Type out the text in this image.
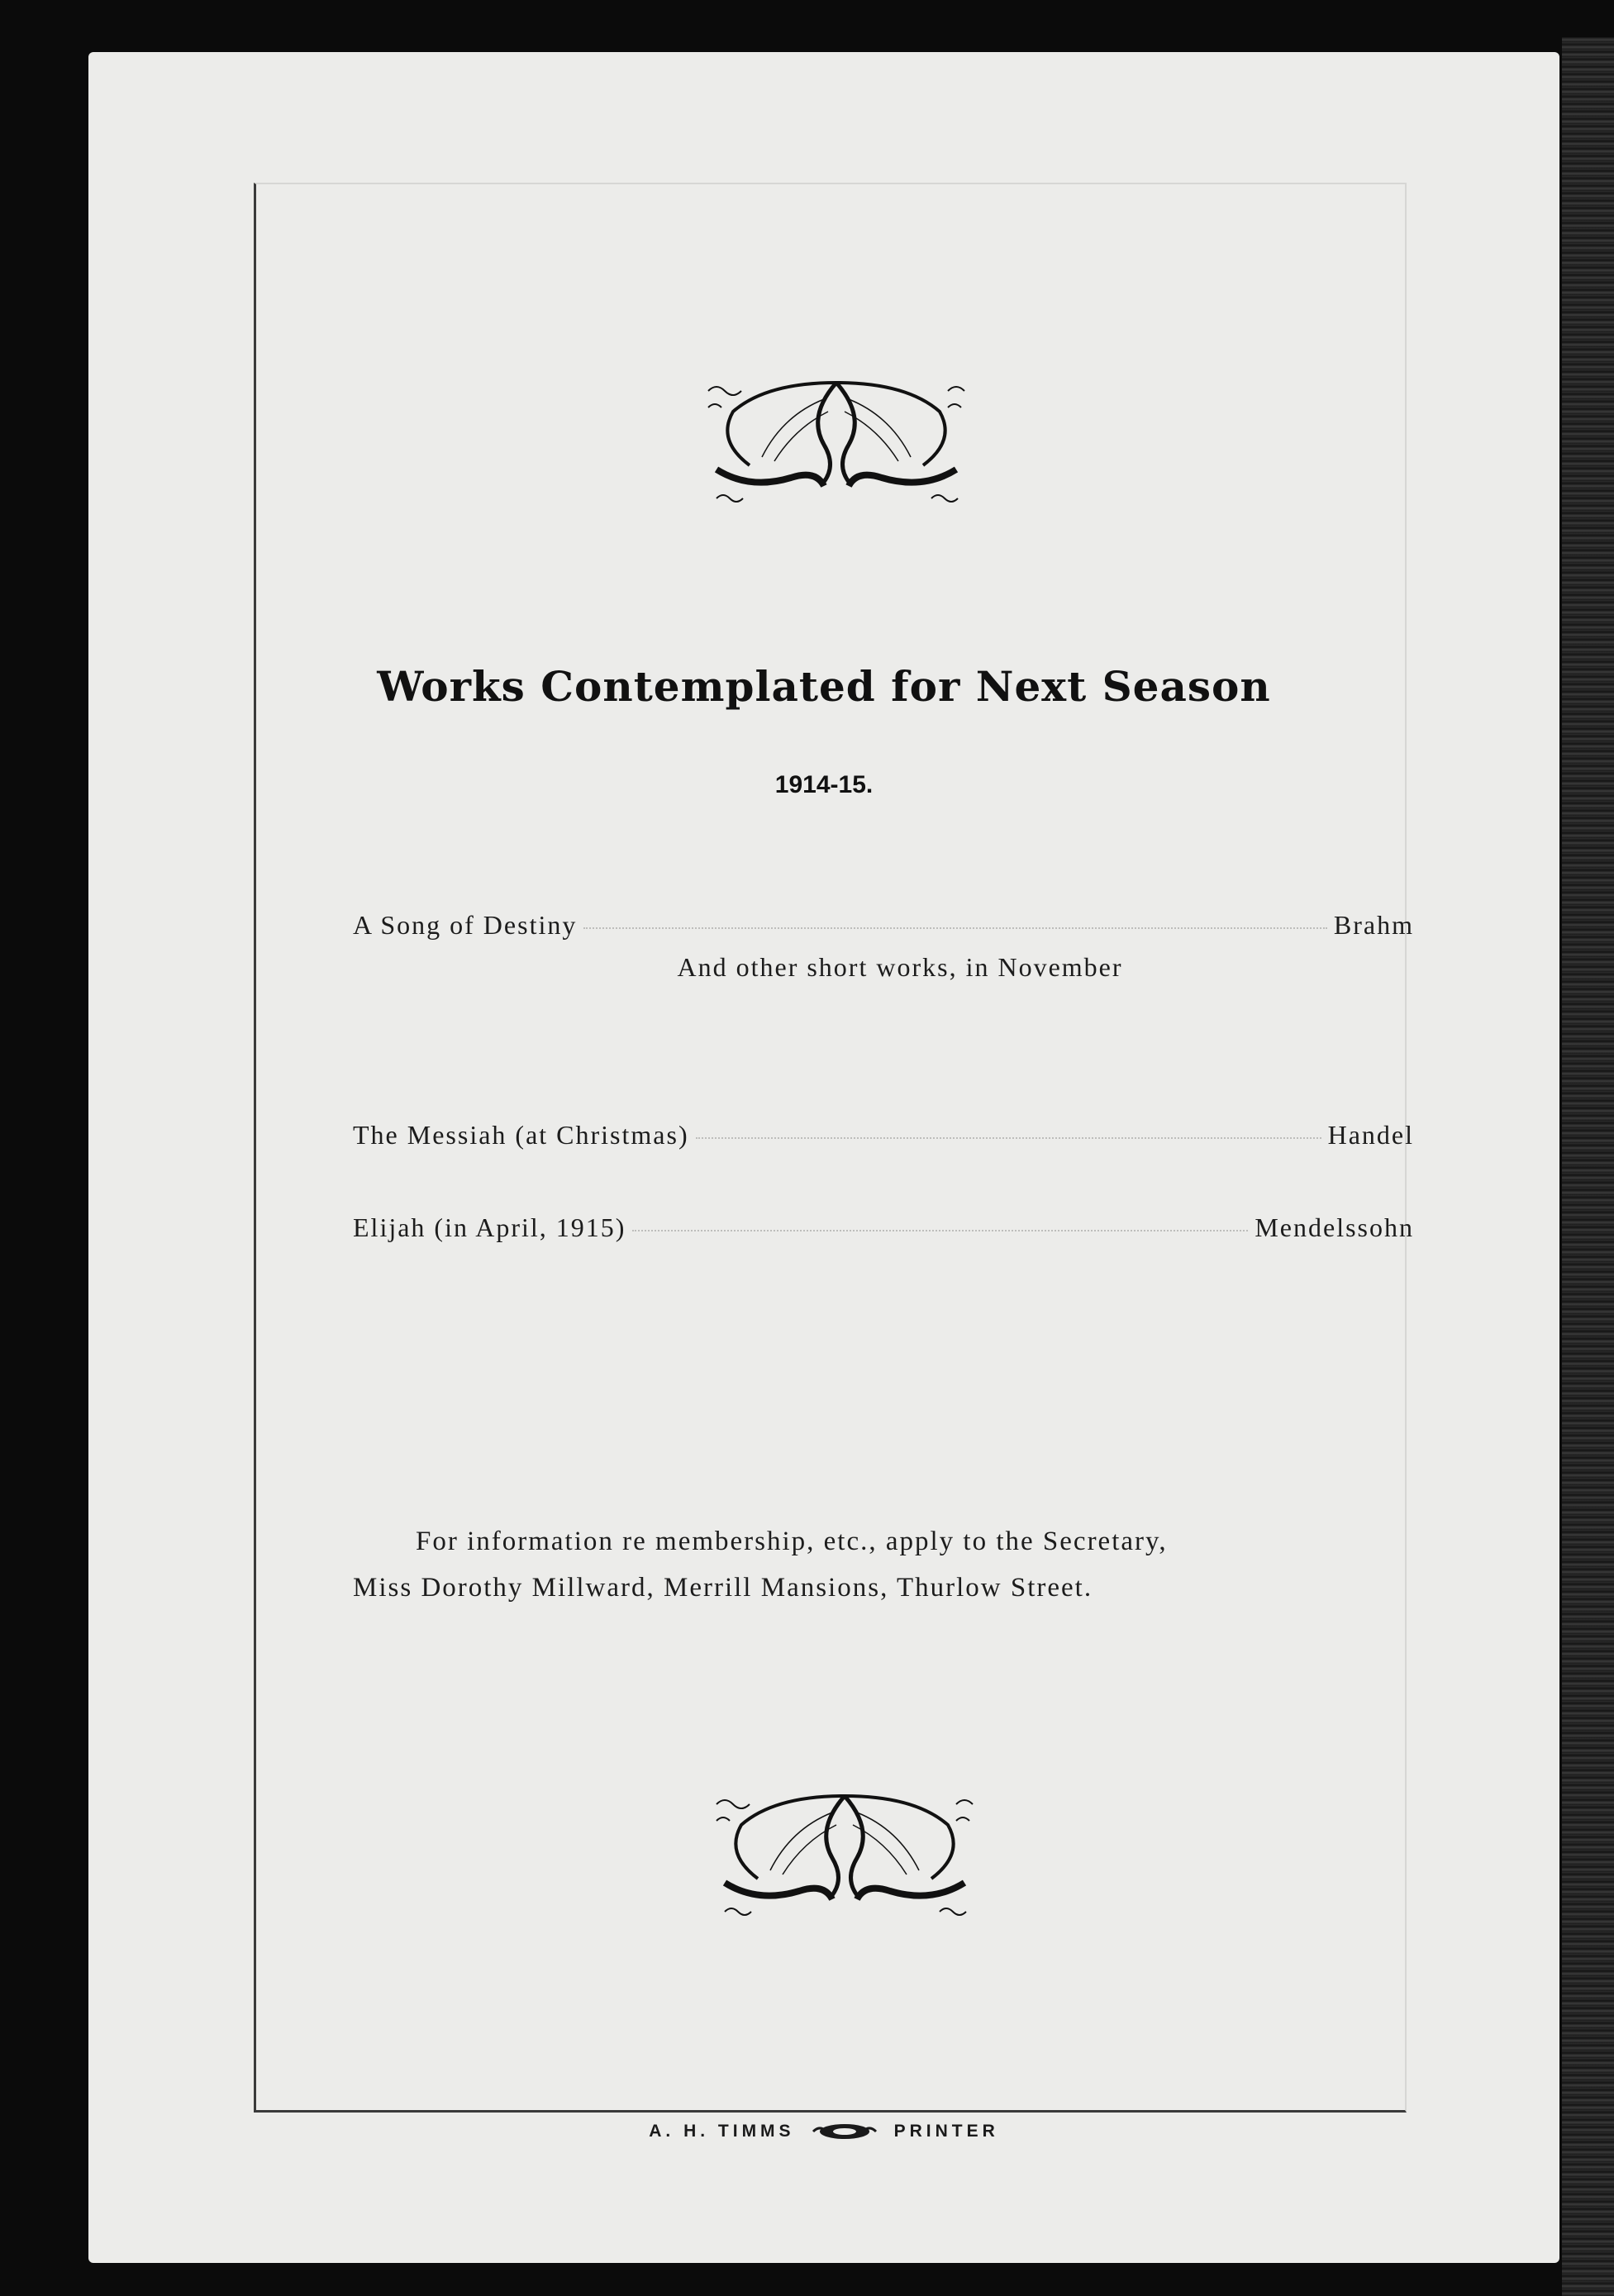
Works Contemplated for Next Season
1914-15.
A Song of Destiny	Brahm
And other short works, in November
The Messiah (at Christmas)	Handel
Elijah (in April, 1915)	Mendelssohn
For information re membership, etc., apply to the Secretary,
Miss Dorothy Millward, Merrill Mansions, Thurlow Street.
A. H. TIMMS	PRINTER
